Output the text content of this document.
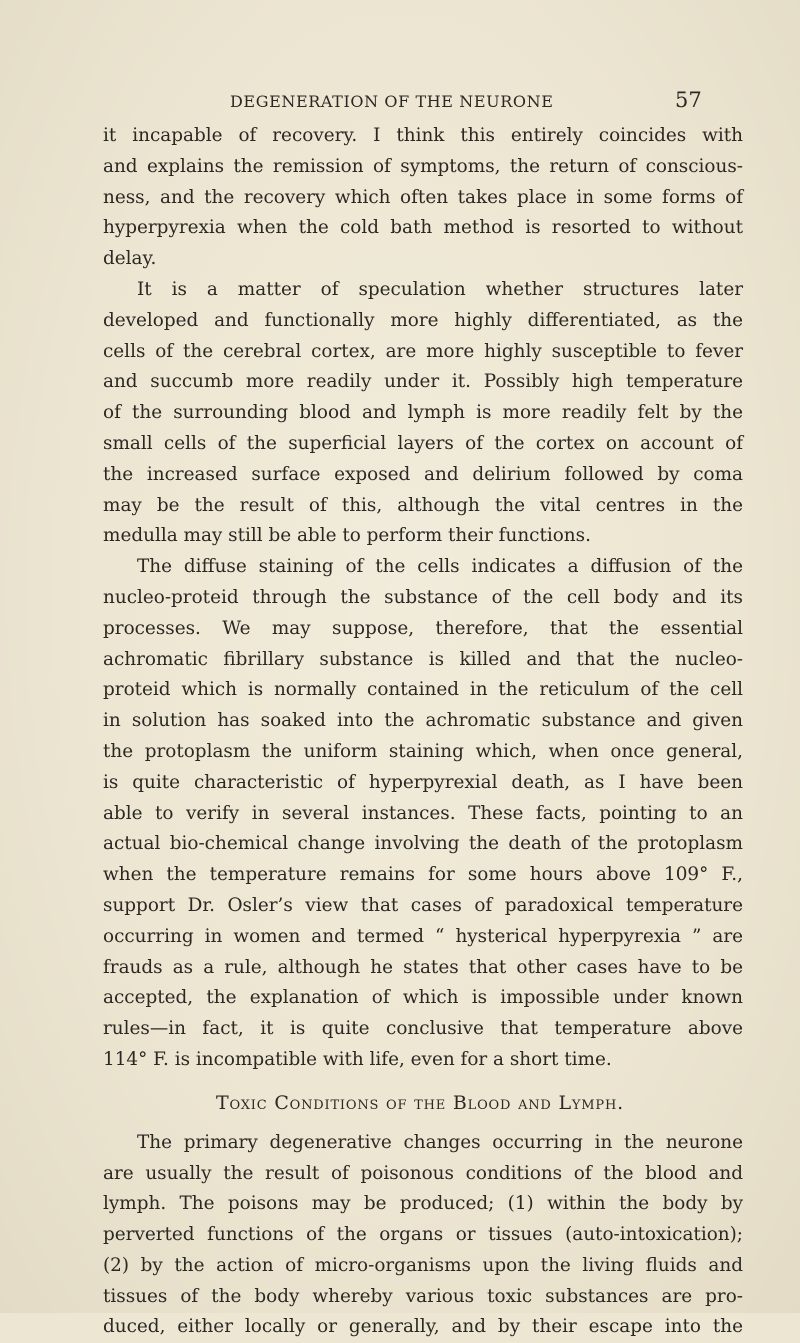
DEGENERATION OF THE NEURONE	57
it incapable of recovery. I think this entirely coincides with
and explains the remission of symptoms, the return of conscious-
ness, and the recovery which often takes place in some forms of
hyperpyrexia when the cold bath method is resorted to without
delay.
It is a matter of speculation whether structures later
developed and functionally more highly differentiated, as the
cells of the cerebral cortex, are more highly susceptible to fever
and succumb more readily under it. Possibly high temperature
of the surrounding blood and lymph is more readily felt by the
small cells of the superficial layers of the cortex on account of
the increased surface exposed and delirium followed by coma
may be the result of this, although the vital centres in the
medulla may still be able to perform their functions.
The diffuse staining of the cells indicates a diffusion of the
nucleo-proteid through the substance of the cell body and its
processes. We may suppose, therefore, that the essential
achromatic fibrillary substance is killed and that the nucleo-
proteid which is normally contained in the reticulum of the cell
in solution has soaked into the achromatic substance and given
the protoplasm the uniform staining which, when once general,
is quite characteristic of hyperpyrexial death, as I have been
able to verify in several instances. These facts, pointing to an
actual bio-chemical change involving the death of the protoplasm
when the temperature remains for some hours above 109° F.,
support Dr. Osler’s view that cases of paradoxical temperature
occurring in women and termed “ hysterical hyperpyrexia ” are
frauds as a rule, although he states that other cases have to be
accepted, the explanation of which is impossible under known
rules—in fact, it is quite conclusive that temperature above
114° F. is incompatible with life, even for a short time.
Toxic Conditions of the Blood and Lymph.
The primary degenerative changes occurring in the neurone
are usually the result of poisonous conditions of the blood and
lymph. The poisons may be produced; (1) within the body by
perverted functions of the organs or tissues (auto-intoxication);
(2) by the action of micro-organisms upon the living fluids and
tissues of the body whereby various toxic substances are pro-
duced, either locally or generally, and by their escape into the
